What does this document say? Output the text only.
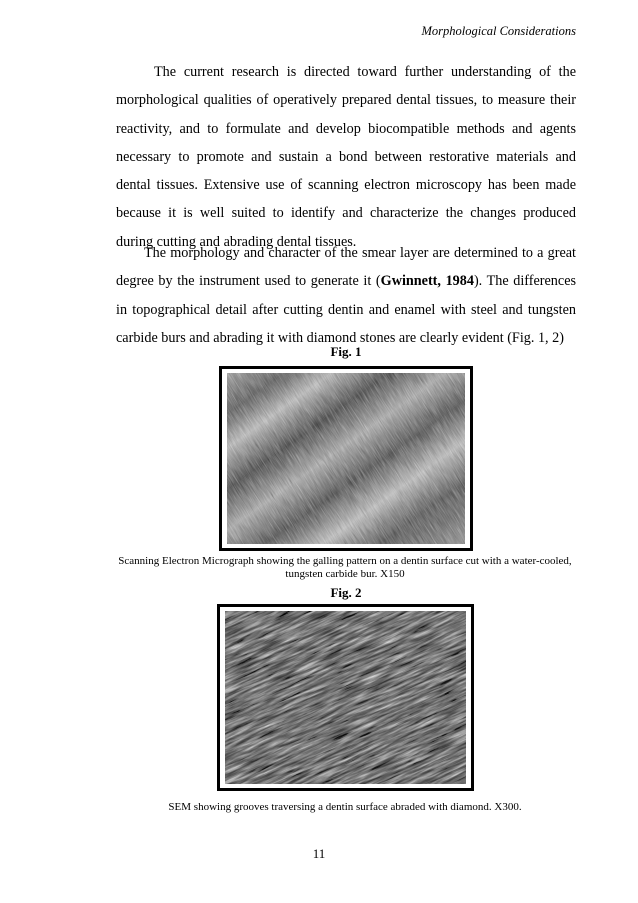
Morphological Considerations

The current research is directed toward further understanding of the morphological qualities of operatively prepared dental tissues, to measure their reactivity, and to formulate and develop biocompatible methods and agents necessary to promote and sustain a bond between restorative materials and dental tissues. Extensive use of scanning electron microscopy has been made because it is well suited to identify and characterize the changes produced during cutting and abrading dental tissues.

The morphology and character of the smear layer are determined to a great degree by the instrument used to generate it (Gwinnett, 1984). The differences in topographical detail after cutting dentin and enamel with steel and tungsten carbide burs and abrading it with diamond stones are clearly evident (Fig. 1, 2)

Fig. 1
Scanning Electron Micrograph showing the galling pattern on a dentin surface cut with a water-cooled, tungsten carbide bur. X150
Fig. 2
SEM showing grooves traversing a dentin surface abraded with diamond. X300.
11
